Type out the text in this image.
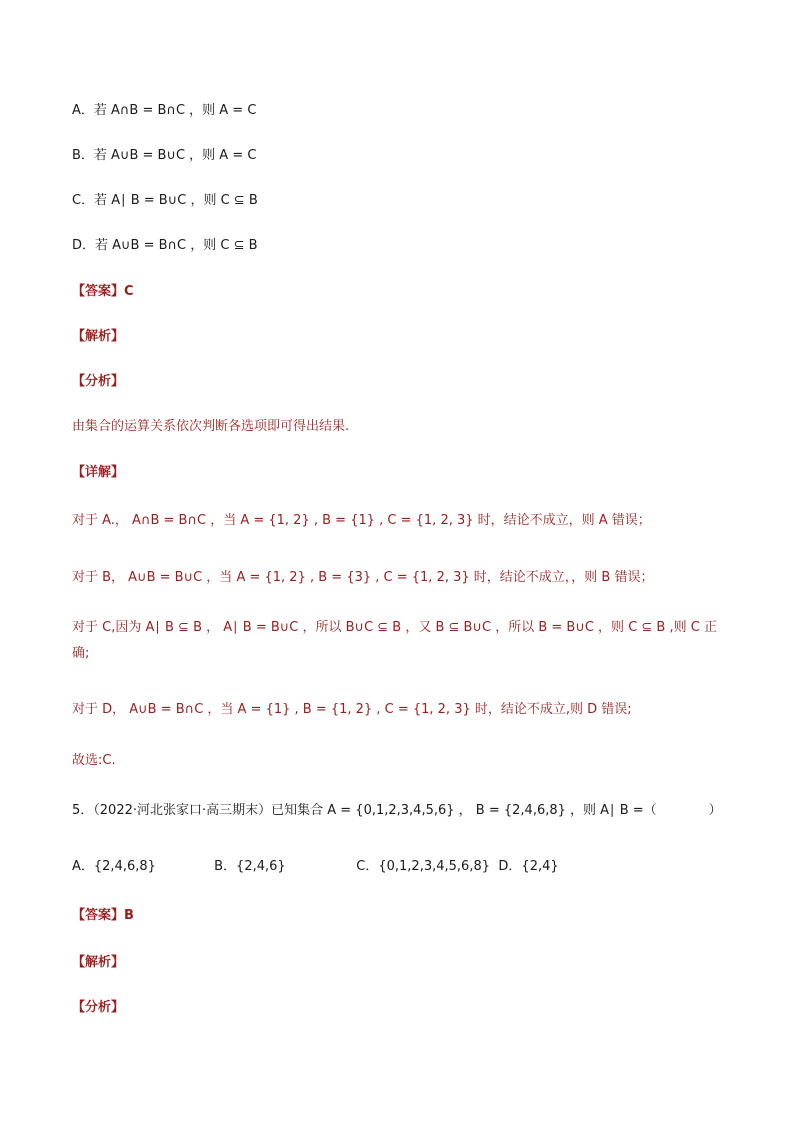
A．若 A∩B = B∩C ，则 A = C
B．若 A∪B = B∪C ，则 A = C
C．若 A∣ B = B∪C ，则 C ⊆ B
D．若 A∪B = B∩C ，则 C ⊆ B
【答案】C
【解析】
【分析】
由集合的运算关系依次判断各选项即可得出结果.
【详解】
对于 A.， A∩B = B∩C ，当 A = {1, 2} , B = {1} , C = {1, 2, 3} 时，结论不成立，则 A 错误；
对于 B， A∪B = B∪C ，当 A = {1, 2} , B = {3} , C = {1, 2, 3} 时，结论不成立，，则 B 错误；
对于 C,因为 A∣ B ⊆ B ， A∣ B = B∪C ，所以 B∪C ⊆ B ，又 B ⊆ B∪C ，所以 B = B∪C ，则 C ⊆ B ,则 C 正确;
对于 D， A∪B = B∩C ，当 A = {1} , B = {1, 2} , C = {1, 2, 3} 时，结论不成立,则 D 错误;
故选:C.
5．（2022·河北张家口·高三期末）已知集合 A = {0,1,2,3,4,5,6} ， B = {2,4,6,8} ，则 A∣ B =（　　　　）
A．{2,4,6,8}	B．{2,4,6}	C．{0,1,2,3,4,5,6,8} D．{2,4}
【答案】B
【解析】
【分析】
